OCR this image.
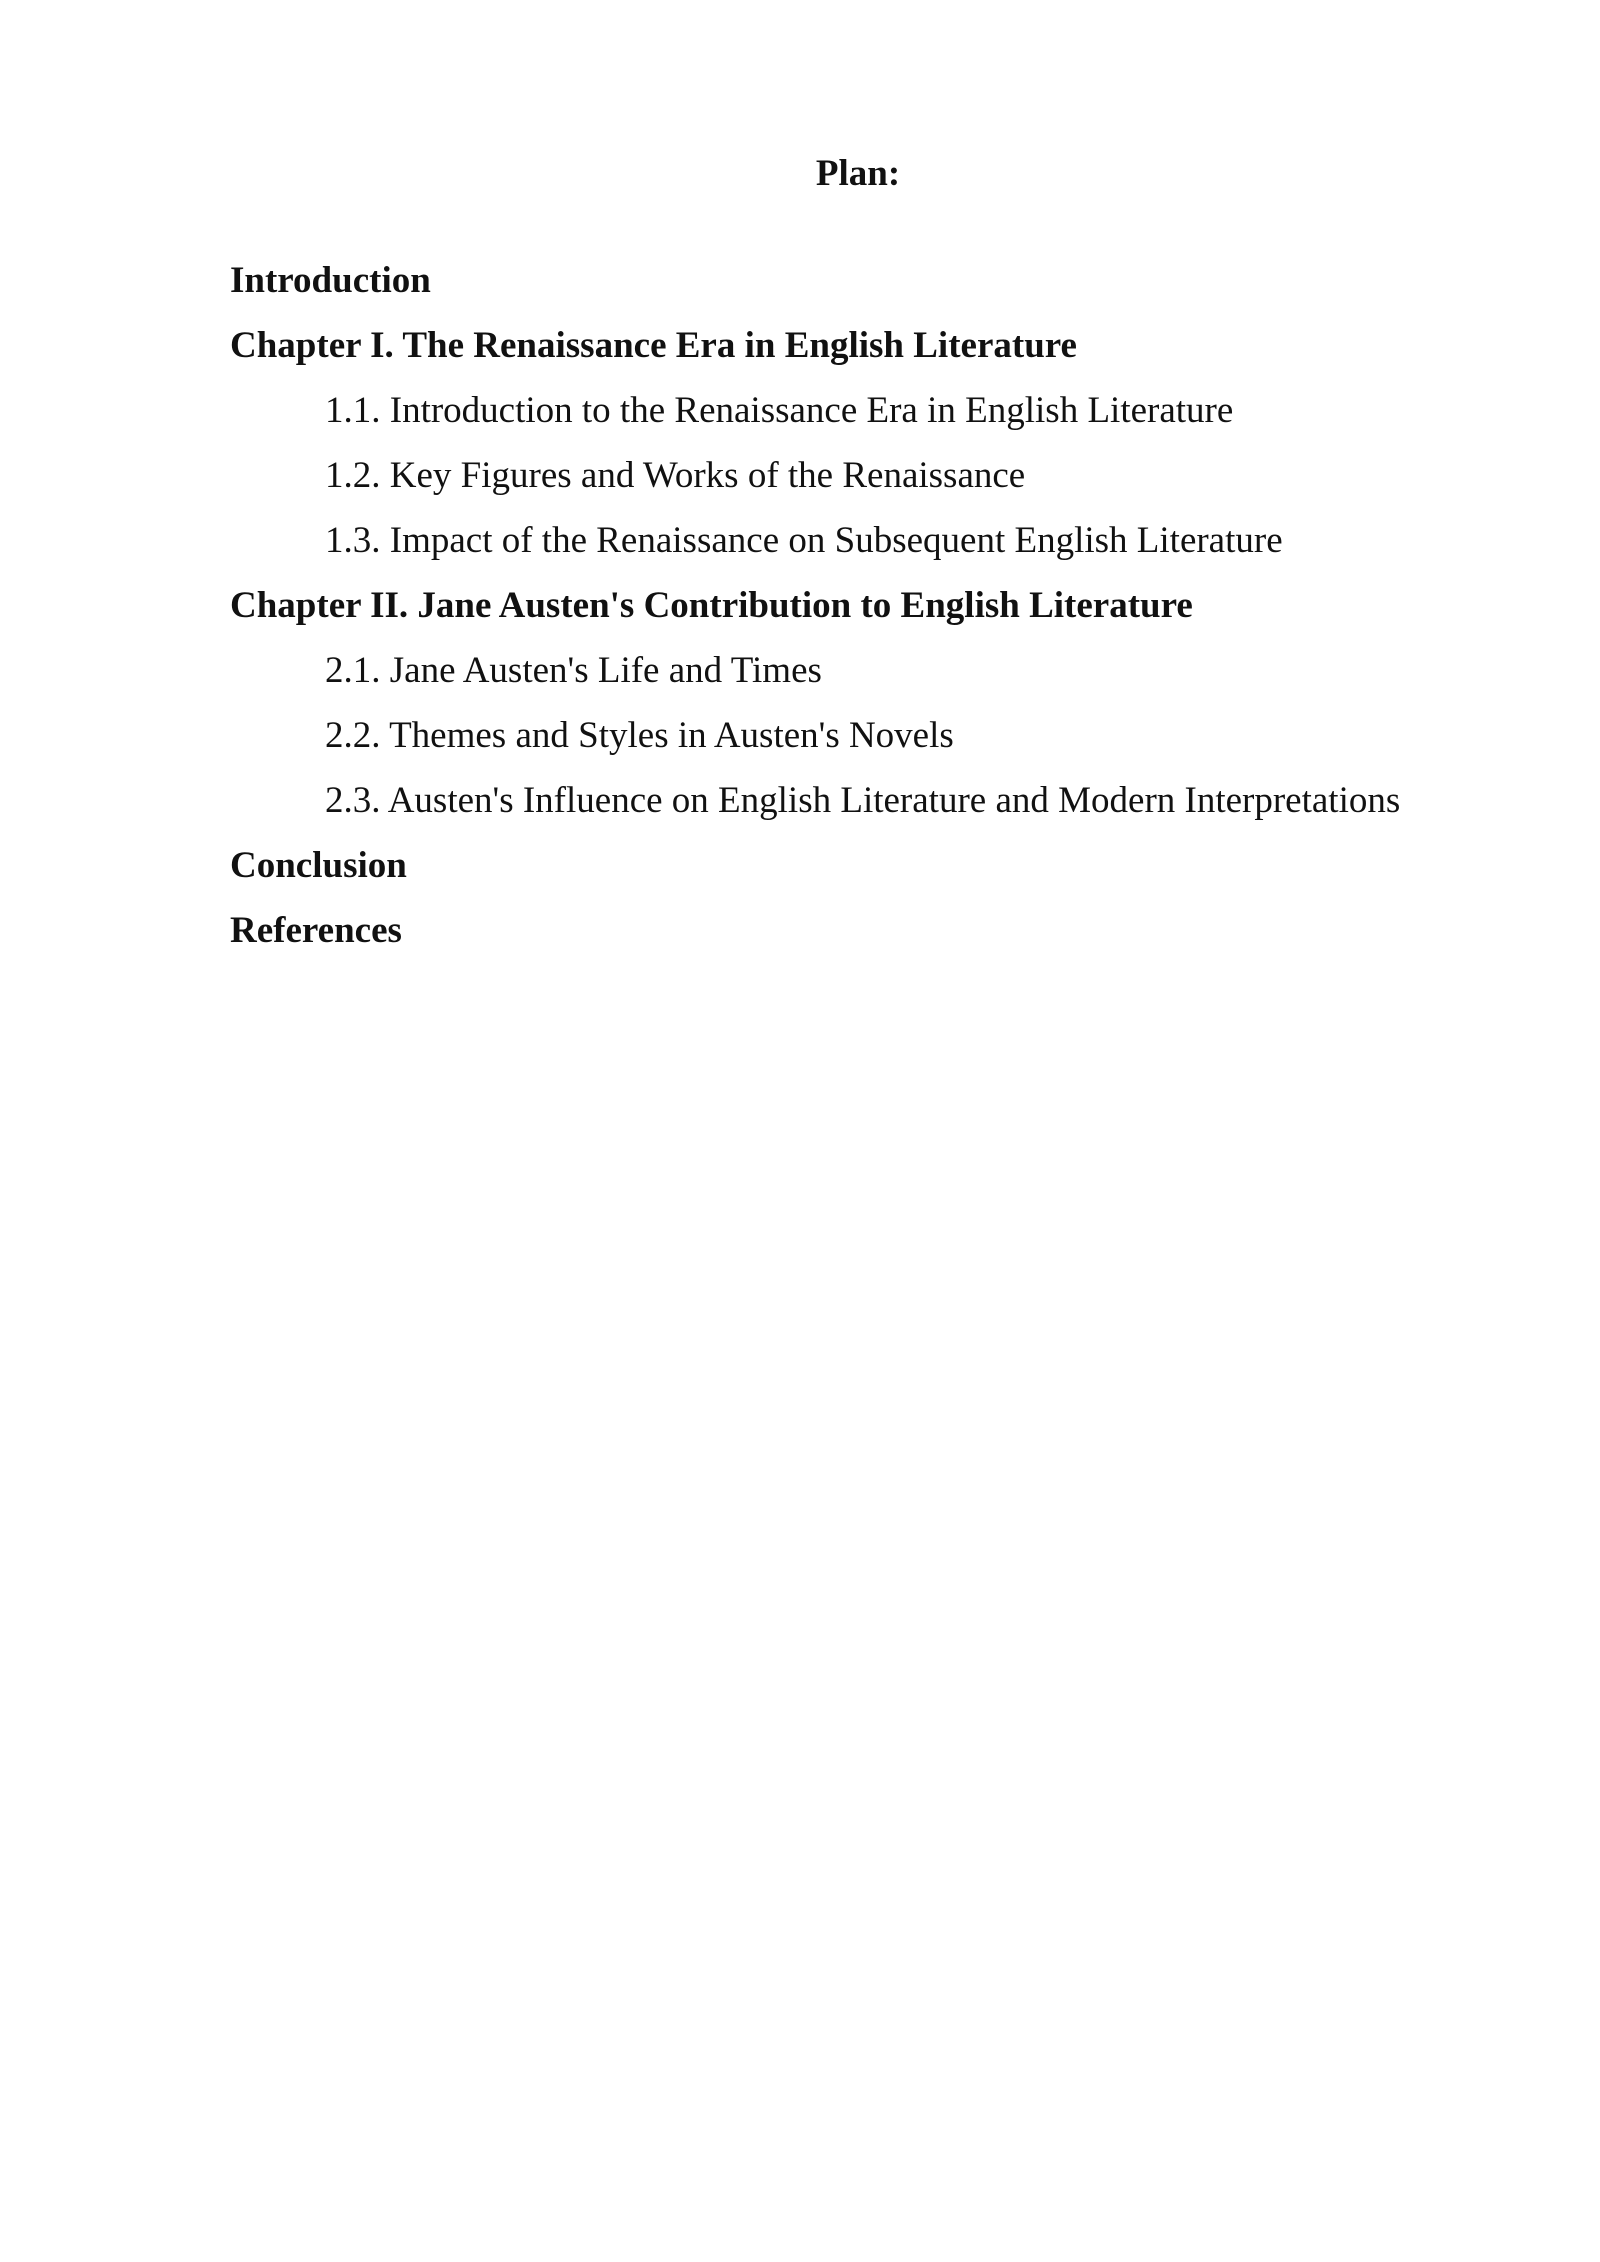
Plan:
Introduction
Chapter I. The Renaissance Era in English Literature
1.1. Introduction to the Renaissance Era in English Literature
1.2. Key Figures and Works of the Renaissance
1.3. Impact of the Renaissance on Subsequent English Literature
Chapter II. Jane Austen's Contribution to English Literature
2.1. Jane Austen's Life and Times
2.2. Themes and Styles in Austen's Novels
2.3. Austen's Influence on English Literature and Modern Interpretations
Conclusion
References
